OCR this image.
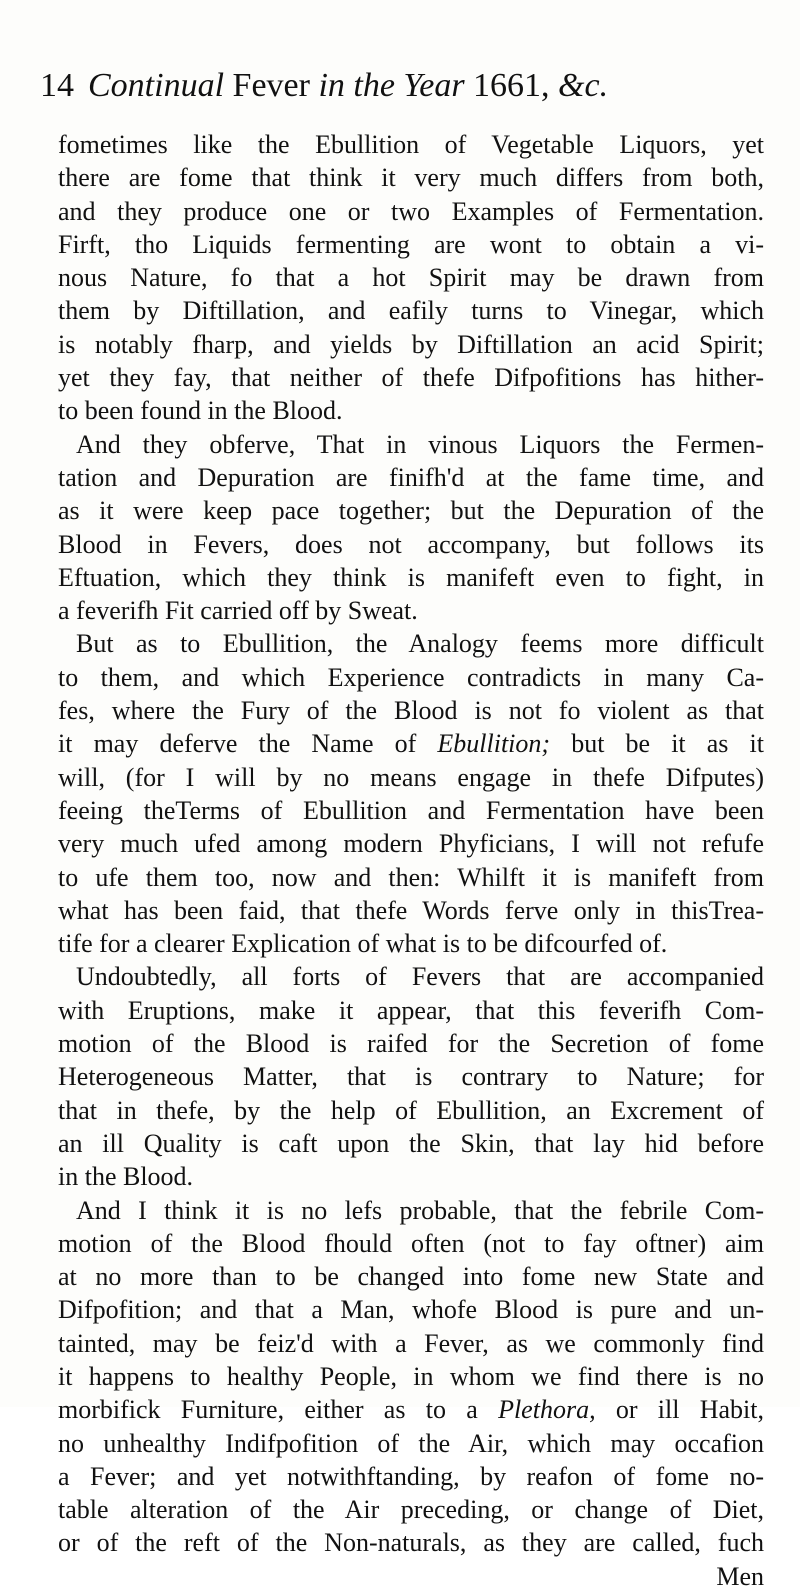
14 Continual Fever in the Year 1661, &c.
fometimes like the Ebullition of Vegetable Liquors, yet
there are fome that think it very much differs from both,
and they produce one or two Examples of Fermentation.
Firft, tho Liquids fermenting are wont to obtain a vi-
nous Nature, fo that a hot Spirit may be drawn from
them by Diftillation, and eafily turns to Vinegar, which
is notably fharp, and yields by Diftillation an acid Spirit;
yet they fay, that neither of thefe Difpofitions has hither-
to been found in the Blood.
And they obferve, That in vinous Liquors the Fermen-
tation and Depuration are finifh'd at the fame time, and
as it were keep pace together; but the Depuration of the
Blood in Fevers, does not accompany, but follows its
Eftuation, which they think is manifeft even to fight, in
a feverifh Fit carried off by Sweat.
But as to Ebullition, the Analogy feems more difficult
to them, and which Experience contradicts in many Ca-
fes, where the Fury of the Blood is not fo violent as that
it may deferve the Name of Ebullition; but be it as it
will, (for I will by no means engage in thefe Difputes)
feeing theTerms of Ebullition and Fermentation have been
very much ufed among modern Phyficians, I will not refufe
to ufe them too, now and then: Whilft it is manifeft from
what has been faid, that thefe Words ferve only in thisTrea-
tife for a clearer Explication of what is to be difcourfed of.
Undoubtedly, all forts of Fevers that are accompanied
with Eruptions, make it appear, that this feverifh Com-
motion of the Blood is raifed for the Secretion of fome
Heterogeneous Matter, that is contrary to Nature; for
that in thefe, by the help of Ebullition, an Excrement of
an ill Quality is caft upon the Skin, that lay hid before
in the Blood.
And I think it is no lefs probable, that the febrile Com-
motion of the Blood fhould often (not to fay oftner) aim
at no more than to be changed into fome new State and
Difpofition; and that a Man, whofe Blood is pure and un-
tainted, may be feiz'd with a Fever, as we commonly find
it happens to healthy People, in whom we find there is no
morbifick Furniture, either as to a Plethora, or ill Habit,
no unhealthy Indifpofition of the Air, which may occafion
a Fever; and yet notwithftanding, by reafon of fome no-
table alteration of the Air preceding, or change of Diet,
or of the reft of the Non-naturals, as they are called, fuch
Men
